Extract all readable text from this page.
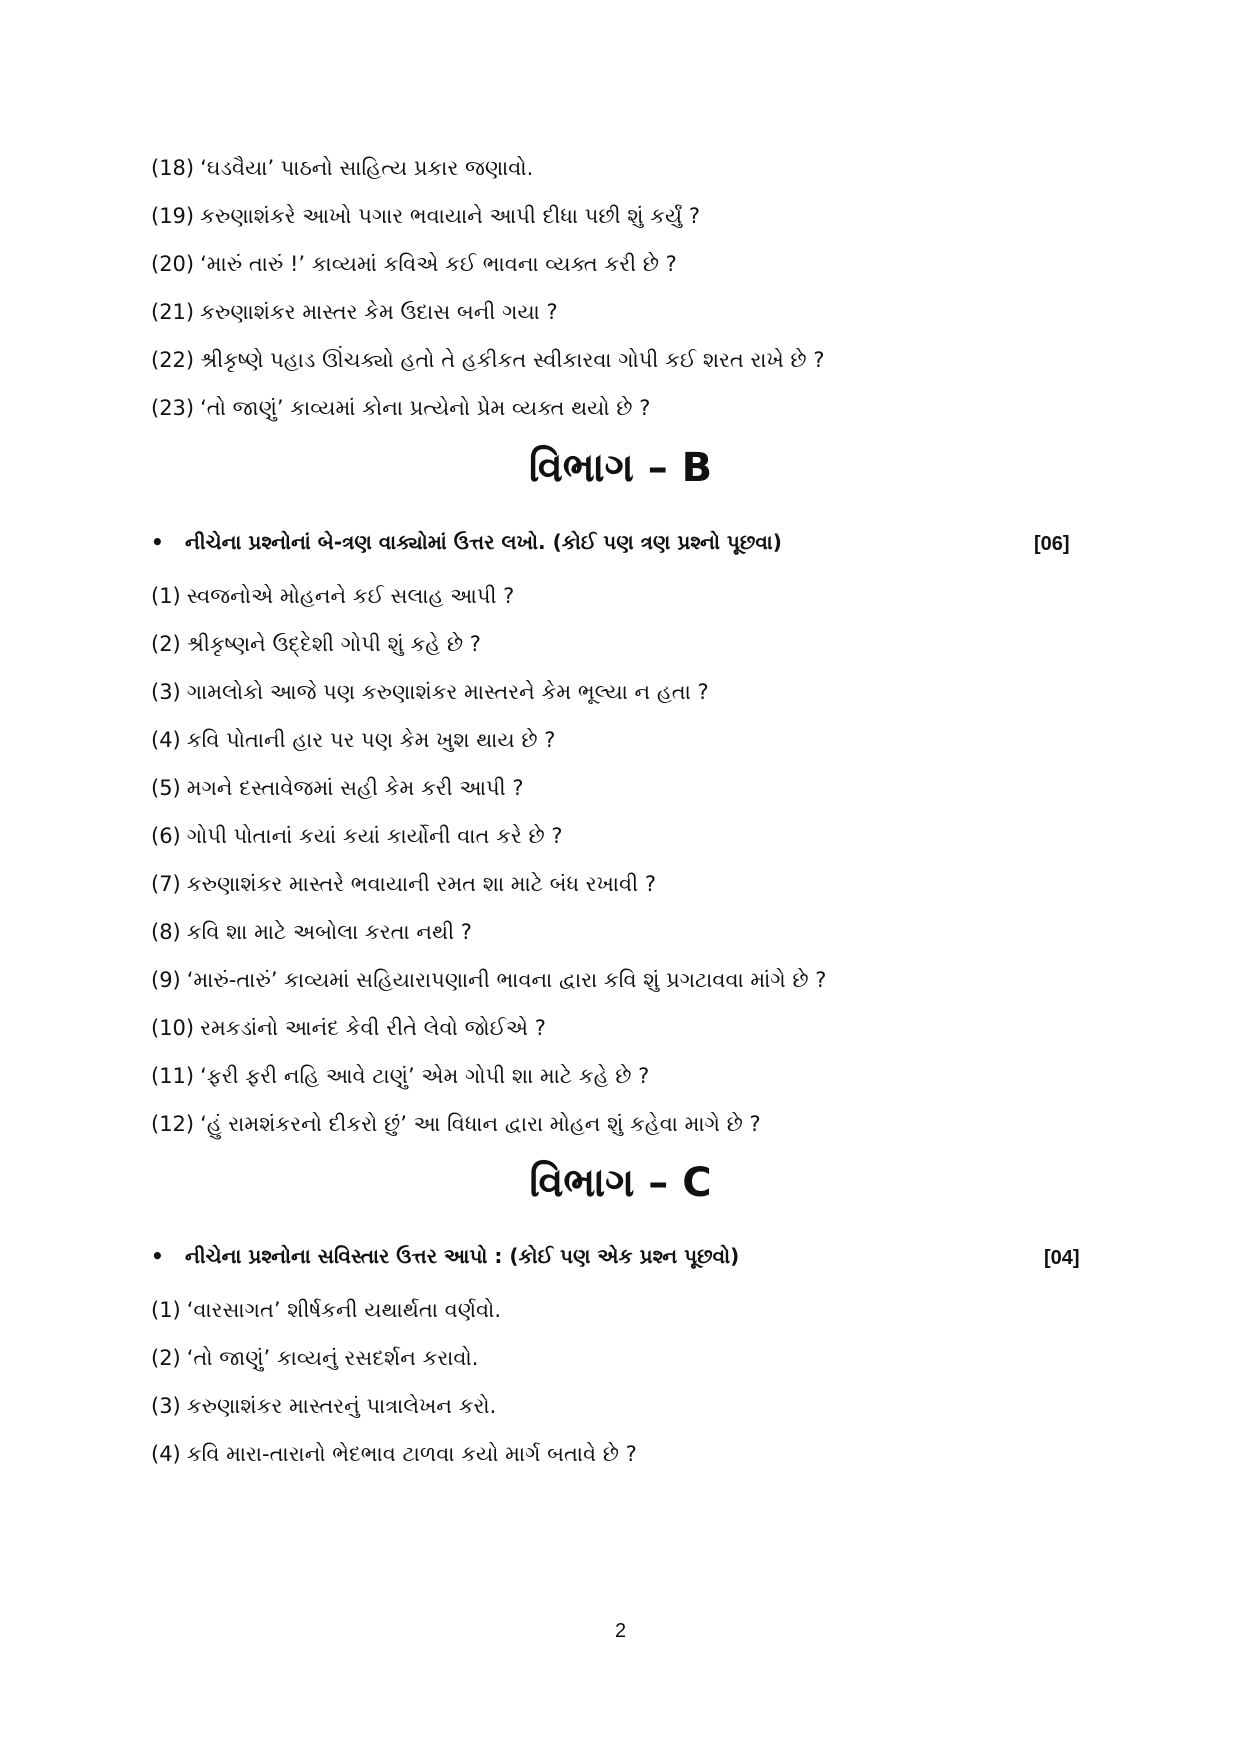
(18) ‘ઘડવૈયા’ પાઠનો સાહિત્ય પ્રકાર જણાવો.
(19) કરુણાશંકરે આખો પગાર ભવાયાને આપી દીધા પછી શું કર્યું ?
(20) ‘મારું તારું !’ કાવ્યમાં કવિએ કઈ ભાવના વ્યક્ત કરી છે ?
(21) કરુણાશંકર માસ્તર કેમ ઉદાસ બની ગયા ?
(22) શ્રીકૃષ્ણે પહાડ ઊંચક્યો હતો તે હકીકત સ્વીકારવા ગોપી કઈ શરત રાખે છે ?
(23) ‘તો જાણું’ કાવ્યમાં કોના પ્રત્યેનો પ્રેમ વ્યક્ત થયો છે ?
વિભાગ – B
• નીચેના પ્રશ્નોનાં બે-ત્રણ વાક્યોમાં ઉત્તર લખો. (કોઈ પણ ત્રણ પ્રશ્નો પૂછવા)	[06]
(1) સ્વજનોએ મોહનને કઈ સલાહ આપી ?
(2) શ્રીકૃષ્ણને ઉદ્દેશી ગોપી શું કહે છે ?
(3) ગામલોકો આજે પણ કરુણાશંકર માસ્તરને કેમ ભૂલ્યા ન હતા ?
(4) કવિ પોતાની હાર પર પણ કેમ ખુશ થાય છે ?
(5) મગને દસ્તાવેજમાં સહી કેમ કરી આપી ?
(6) ગોપી પોતાનાં કયાં કયાં કાર્યોની વાત કરે છે ?
(7) કરુણાશંકર માસ્તરે ભવાયાની રમત શા માટે બંધ રખાવી ?
(8) કવિ શા માટે અબોલા કરતા નથી ?
(9) ‘મારું-તારું’ કાવ્યમાં સહિયારાપણાની ભાવના દ્વારા કવિ શું પ્રગટાવવા માંગે છે ?
(10) રમકડાંનો આનંદ કેવી રીતે લેવો જોઈએ ?
(11) ‘ફરી ફરી નહિ આવે ટાણું’ એમ ગોપી શા માટે કહે છે ?
(12) ‘હું રામશંકરનો દીકરો છું’ આ વિધાન દ્વારા મોહન શું કહેવા માગે છે ?
વિભાગ – C
• નીચેના પ્રશ્નોના સવિસ્તાર ઉત્તર આપો : (કોઈ પણ એક પ્રશ્ન પૂછવો)	[04]
(1) ‘વારસાગત’ શીર્ષકની યથાર્થતા વર્ણવો.
(2) ‘તો જાણું’ કાવ્યનું રસદર્શન કરાવો.
(3) કરુણાશંકર માસ્તરનું પાત્રાલેખન કરો.
(4) કવિ મારા-તારાનો ભેદભાવ ટાળવા કયો માર્ગ બતાવે છે ?
2
